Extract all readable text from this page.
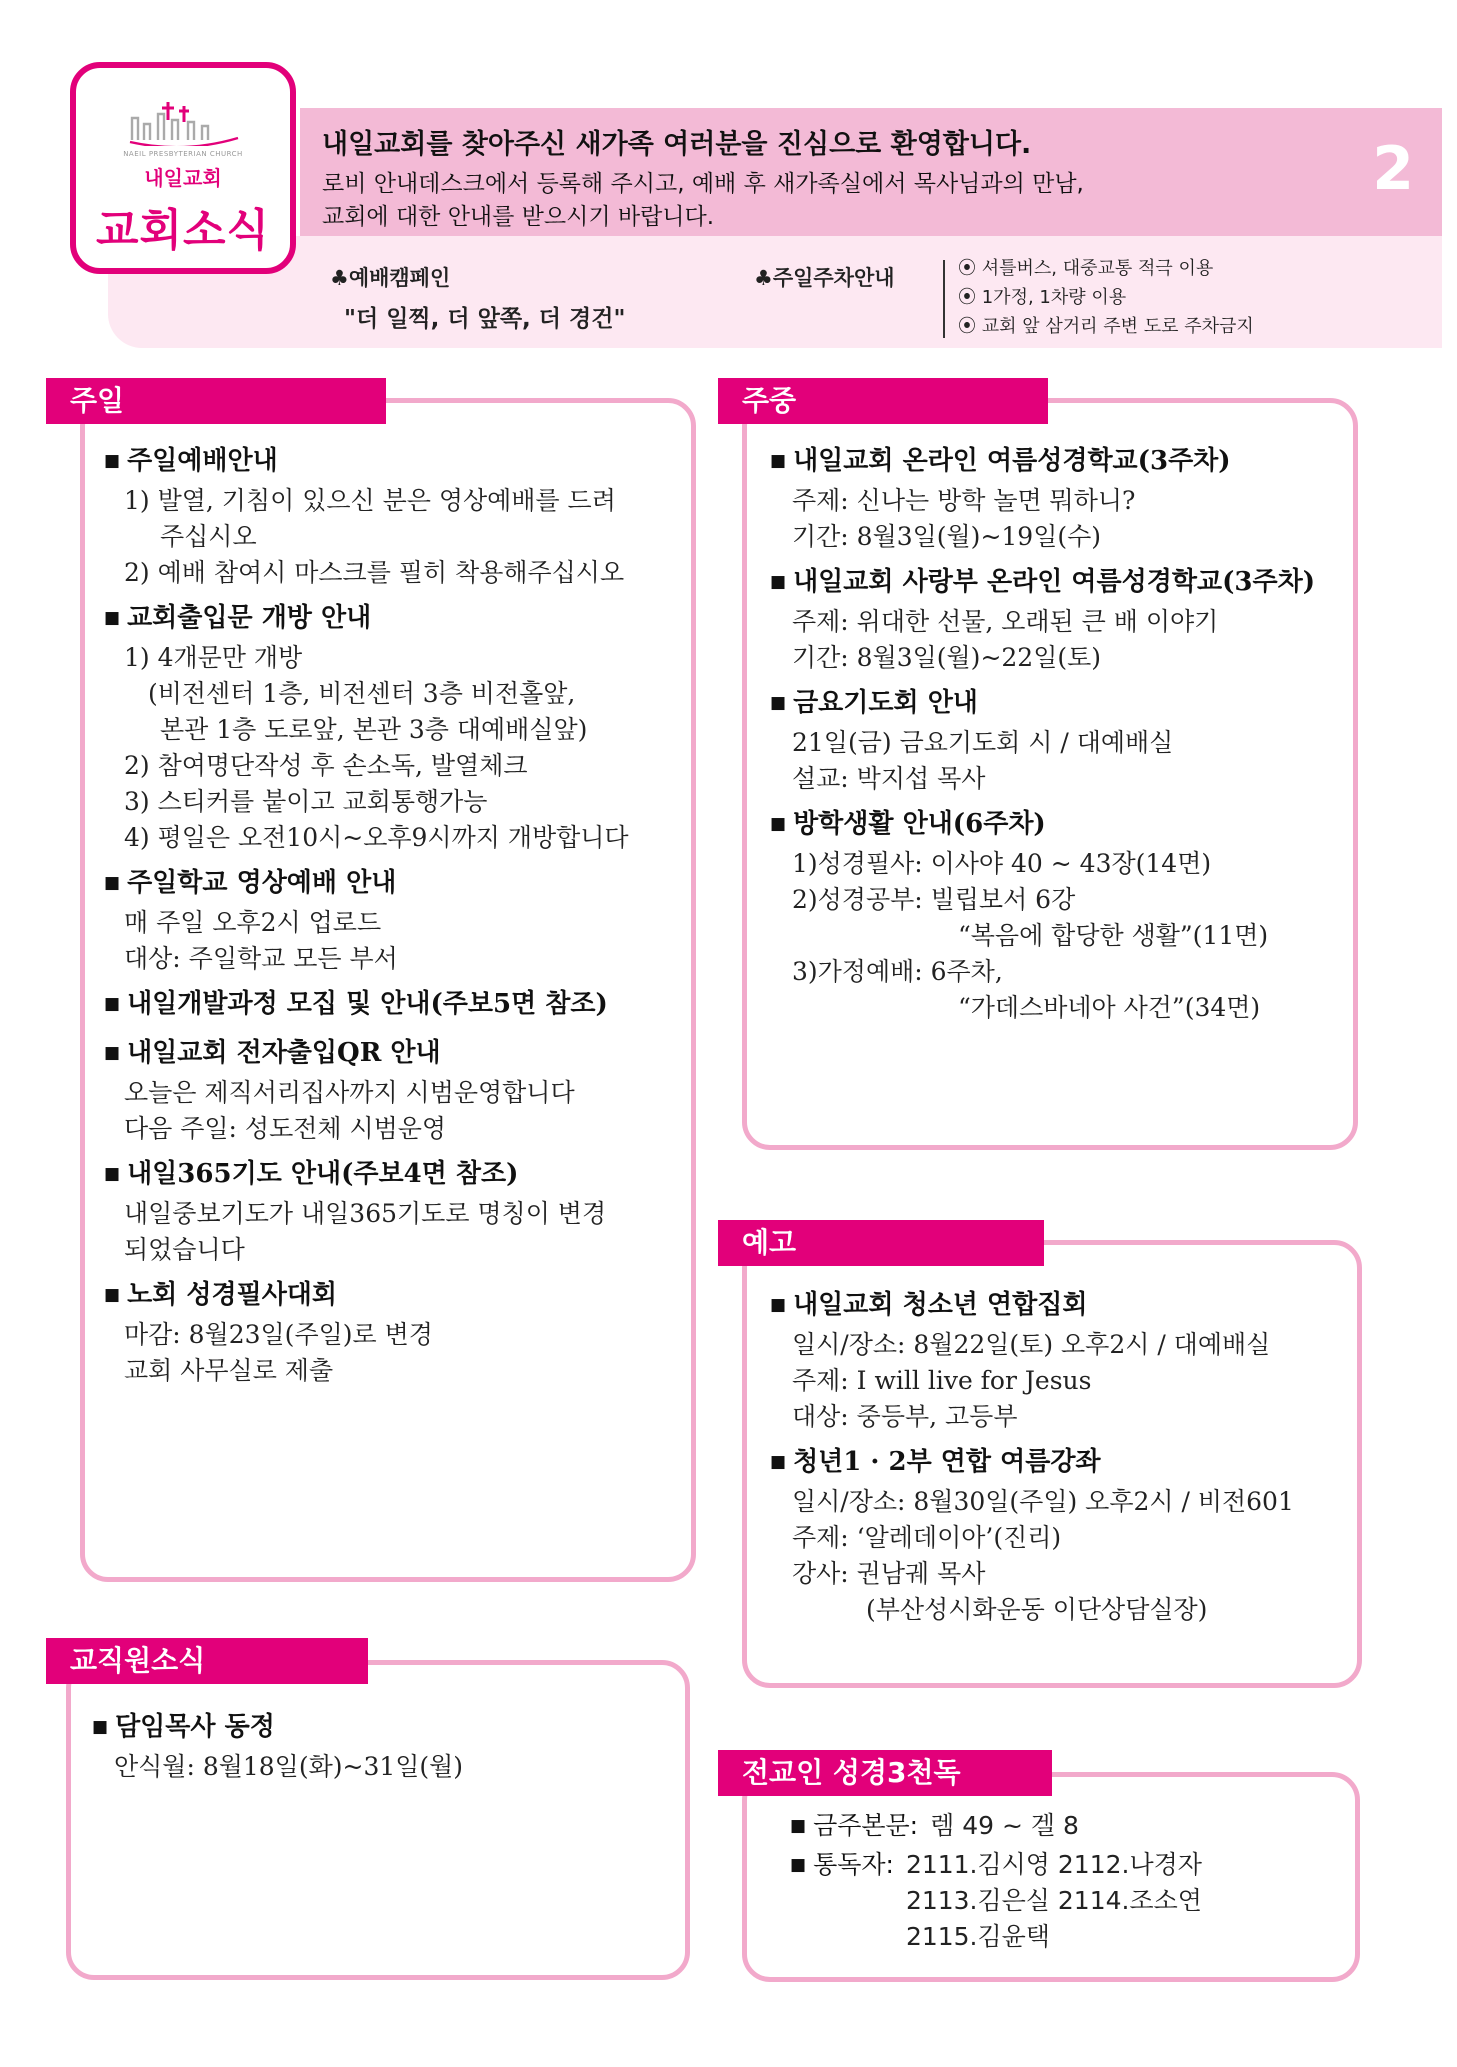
♣예배캠페인
"더 일찍, 더 앞쪽, 더 경건"
♣주일주차안내
⦿	셔틀버스, 대중교통 적극 이용
⦿ 1가정, 1차량 이용
⦿ 교회 앞 삼거리 주변 도로 주차금지
내일교회를 찾아주신 새가족 여러분을 진심으로 환영합니다.
로비 안내데스크에서 등록해 주시고, 예배 후 새가족실에서 목사님과의 만남,
교회에 대한 안내를 받으시기 바랍니다.
2
NAEIL PRESBYTERIAN CHURCH
내일교회
교회소식
주일
■ 주일예배안내
1) 발열, 기침이 있으신 분은 영상예배를 드려
주십시오
2) 예배 참여시 마스크를 필히 착용해주십시오
■ 교회출입문 개방 안내
1) 4개문만 개방
(비전센터 1층, 비전센터 3층 비전홀앞,
본관 1층 도로앞, 본관 3층 대예배실앞)
2) 참여명단작성 후 손소독, 발열체크
3) 스티커를 붙이고 교회통행가능
4) 평일은 오전10시~오후9시까지 개방합니다
■ 주일학교 영상예배 안내
매 주일 오후2시 업로드
대상: 주일학교 모든 부서
■ 내일개발과정 모집 및 안내(주보5면 참조)
■ 내일교회 전자출입QR 안내
오늘은 제직서리집사까지 시범운영합니다
다음 주일: 성도전체 시범운영
■ 내일365기도 안내(주보4면 참조)
내일중보기도가 내일365기도로 명칭이 변경
되었습니다
■ 노회 성경필사대회
마감: 8월23일(주일)로 변경
교회 사무실로 제출
주중
■ 내일교회 온라인 여름성경학교(3주차)
주제: 신나는 방학 놀면 뭐하니?
기간: 8월3일(월)~19일(수)
■ 내일교회 사랑부 온라인 여름성경학교(3주차)
주제: 위대한 선물, 오래된 큰 배 이야기
기간: 8월3일(월)~22일(토)
■ 금요기도회 안내
21일(금) 금요기도회 시 / 대예배실
설교: 박지섭 목사
■ 방학생활 안내(6주차)
1)성경필사: 이사야 40 ~ 43장(14면)
2)성경공부: 빌립보서 6강
“복음에 합당한 생활”(11면)
3)가정예배: 6주차,
“가데스바네아 사건”(34면)
예고
■ 내일교회 청소년 연합집회
일시/장소: 8월22일(토) 오후2시 / 대예배실
주제: I will live for Jesus
대상: 중등부, 고등부
■ 청년1 · 2부 연합 여름강좌
일시/장소: 8월30일(주일) 오후2시 / 비전601
주제: ‘알레데이아’(진리)
강사: 권남궤 목사
(부산성시화운동 이단상담실장)
교직원소식
■ 담임목사 동정
안식월: 8월18일(화)~31일(월)	전교인 성경3천독
■ 금주본문: 렘 49 ~ 겔 8
■ 통독자: 2111.김시영 2112.나경자
2113.김은실 2114.조소연
2115.김윤택
